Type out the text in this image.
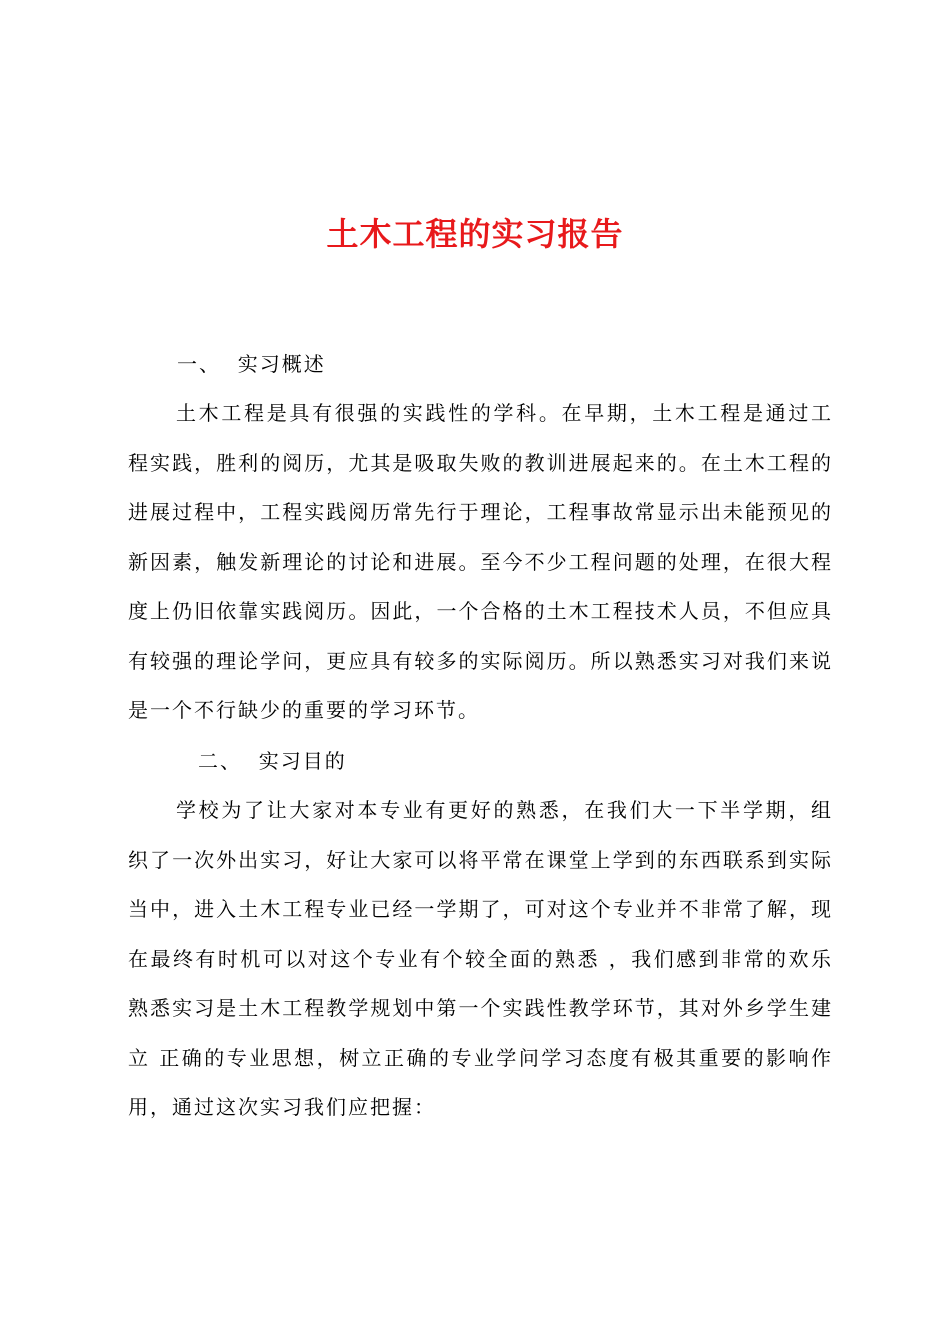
土木工程的实习报告
一、  实习概述
土木工程是具有很强的实践性的学科。在早期，土木工程是通过工程实践，胜利的阅历，尤其是吸取失败的教训进展起来的。在土木工程的进展过程中，工程实践阅历常先行于理论，工程事故常显示出未能预见的新因素，触发新理论的讨论和进展。至今不少工程问题的处理，在很大程度上仍旧依靠实践阅历。因此，一个合格的土木工程技术人员，不但应具有较强的理论学问，更应具有较多的实际阅历。所以熟悉实习对我们来说是一个不行缺少的重要的学习环节。
二、  实习目的
学校为了让大家对本专业有更好的熟悉，在我们大一下半学期，组织了一次外出实习，好让大家可以将平常在课堂上学到的东西联系到实际当中，进入土木工程专业已经一学期了，可对这个专业并不非常了解，现在最终有时机可以对这个专业有个较全面的熟悉 ，我们感到非常的欢乐 熟悉实习是土木工程教学规划中第一个实践性教学环节，其对外乡学生建立 正确的专业思想，树立正确的专业学问学习态度有极其重要的影响作用，通过这次实习我们应把握：
